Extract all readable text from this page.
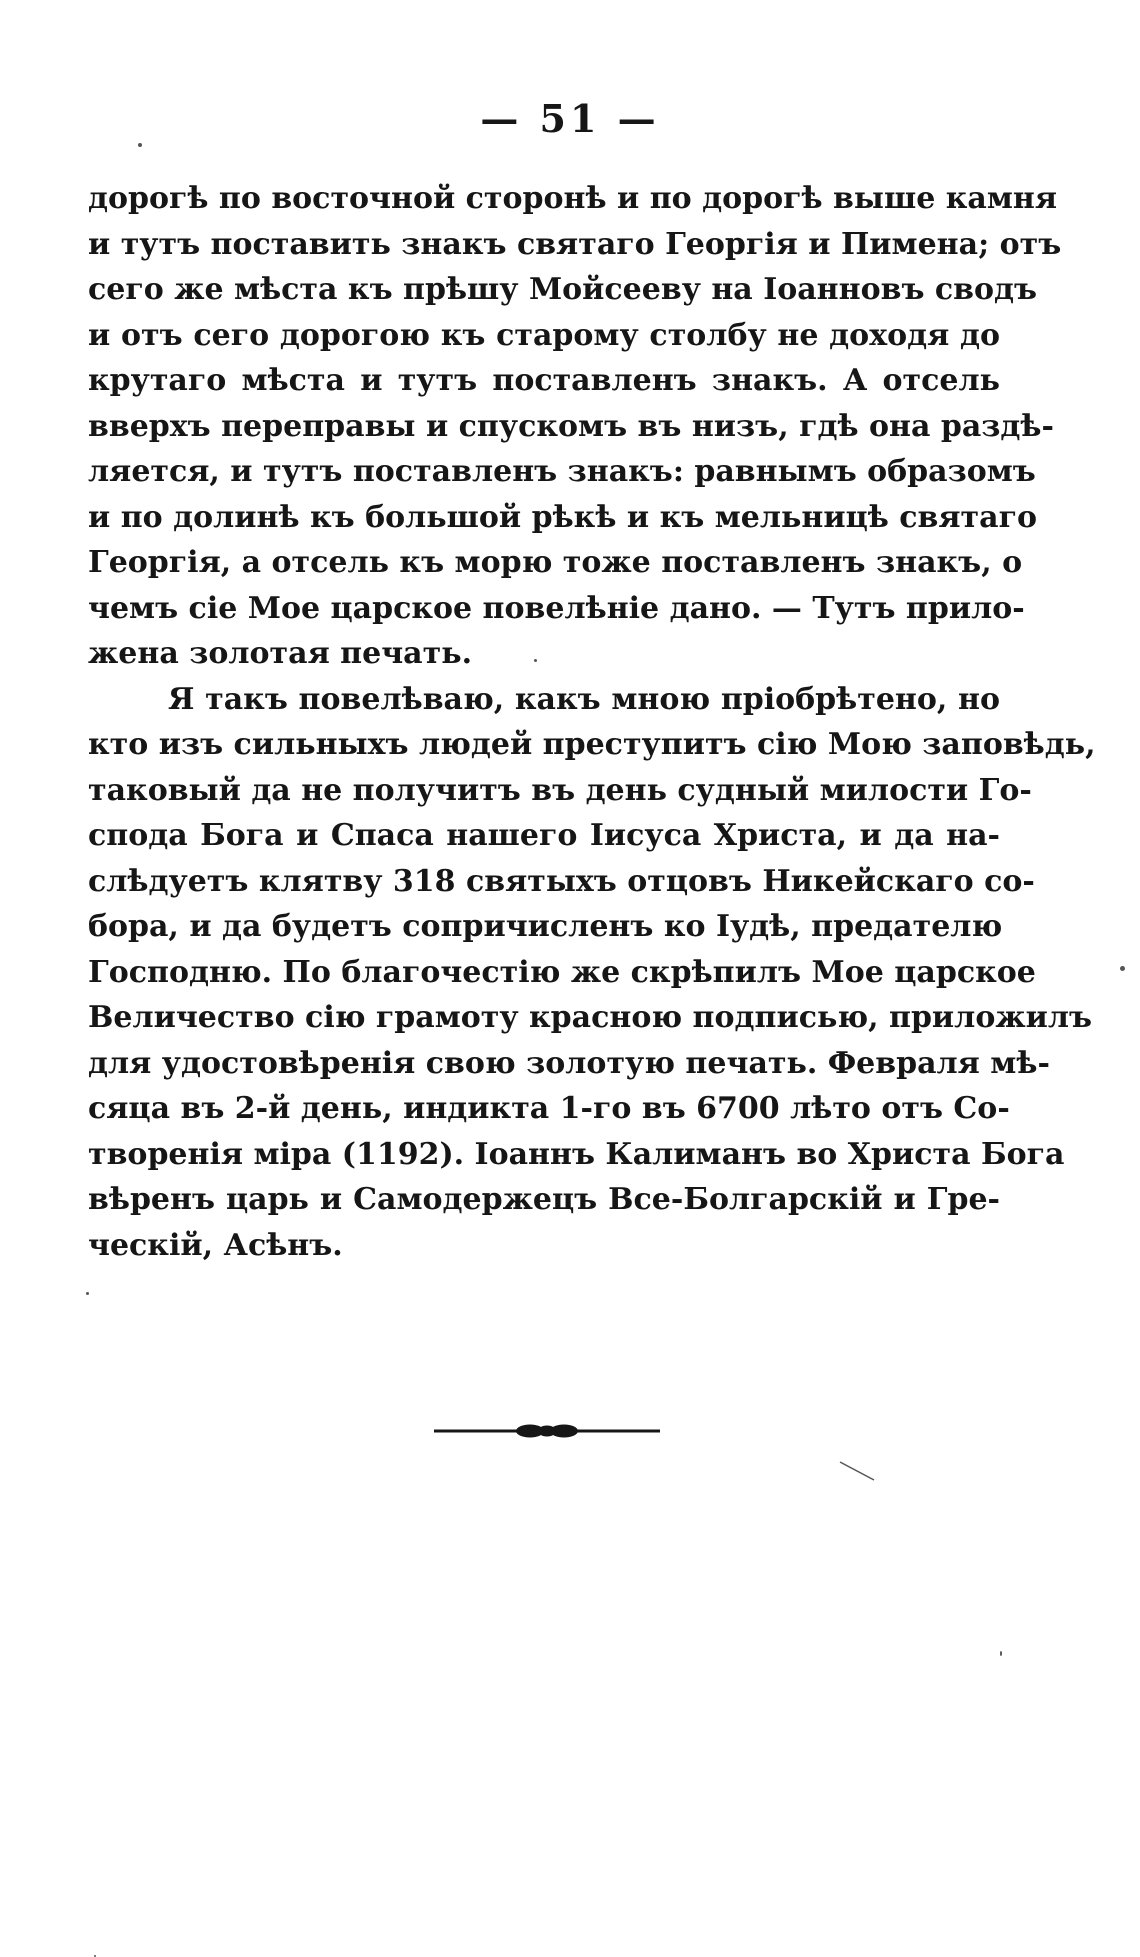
— 51 —
дорогѣ по восточной сторонѣ и по дорогѣ выше камня
и тутъ поставить знакъ святаго Георгія и Пимена; отъ
сего же мѣста къ прѣшу Мойсееву на Іоанновъ сводъ
и отъ сего дорогою къ старому столбу не доходя до
крутаго мѣста и тутъ поставленъ знакъ. А отсель
вверхъ переправы и спускомъ въ низъ, гдѣ она раздѣ-
ляется, и тутъ поставленъ знакъ: равнымъ образомъ
и по долинѣ къ большой рѣкѣ и къ мельницѣ святаго
Георгія, а отсель къ морю тоже поставленъ знакъ, о
чемъ сіе Мое царское повелѣніе дано. — Тутъ прило-
жена золотая печать.
Я такъ повелѣваю, какъ мною пріобрѣтено, но
кто изъ сильныхъ людей преступитъ сію Мою заповѣдь,
таковый да не получитъ въ день судный милости Го-
спода Бога и Спаса нашего Іисуса Христа, и да на-
слѣдуетъ клятву 318 святыхъ отцовъ Никейскаго со-
бора, и да будетъ сопричисленъ ко Іудѣ, предателю
Господню. По благочестію же скрѣпилъ Мое царское
Величество сію грамоту красною подписью, приложилъ
для удостовѣренія свою золотую печать. Февраля мѣ-
сяца въ 2-й день, индикта 1-го въ 6700 лѣто отъ Со-
творенія міра (1192). Іоаннъ Калиманъ во Христа Бога
вѣренъ царь и Самодержецъ Все-Болгарскій и Гре-
ческій, Асѣнъ.
